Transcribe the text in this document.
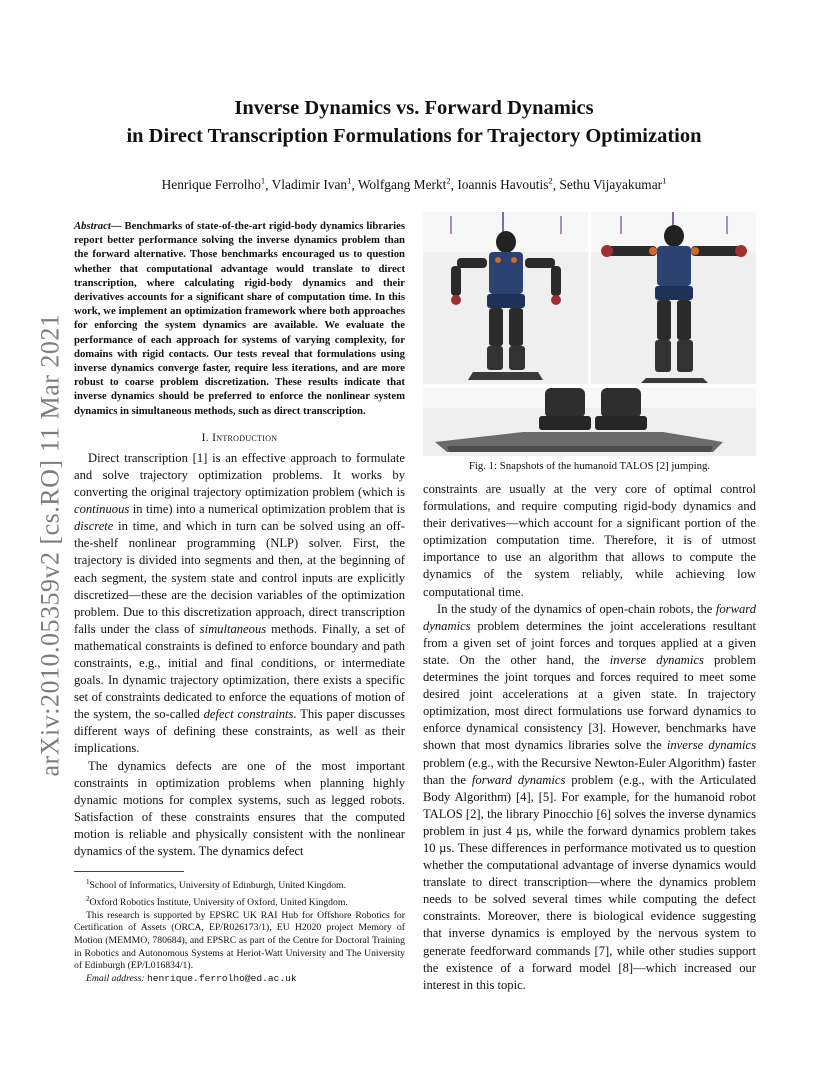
arXiv:2010.05359v2 [cs.RO] 11 Mar 2021
Inverse Dynamics vs. Forward Dynamics
in Direct Transcription Formulations for Trajectory Optimization
Henrique Ferrolho$^1$, Vladimir Ivan$^1$, Wolfgang Merkt$^2$, Ioannis Havoutis$^2$, Sethu Vijayakumar$^1$

Abstract— Benchmarks of state-of-the-art rigid-body dynamics libraries report better performance solving the inverse dynamics problem than the forward alternative. Those benchmarks encouraged us to question whether that computational advantage would translate to direct transcription, where calculating rigid-body dynamics and their derivatives accounts for a significant share of computation time. In this work, we implement an optimization framework where both approaches for enforcing the system dynamics are available. We evaluate the performance of each approach for systems of varying complexity, for domains with rigid contacts. Our tests reveal that formulations using inverse dynamics converge faster, require less iterations, and are more robust to coarse problem discretization. These results indicate that inverse dynamics should be preferred to enforce the nonlinear system dynamics in simultaneous methods, such as direct transcription.

I. Introduction

Direct transcription [1] is an effective approach to formulate and solve trajectory optimization problems. It works by converting the original trajectory optimization problem (which is continuous in time) into a numerical optimization problem that is discrete in time, and which in turn can be solved using an off-the-shelf nonlinear programming (NLP) solver. First, the trajectory is divided into segments and then, at the beginning of each segment, the system state and control inputs are explicitly discretized—these are the decision variables of the optimization problem. Due to this discretization approach, direct transcription falls under the class of simultaneous methods. Finally, a set of mathematical constraints is defined to enforce boundary and path constraints, e.g., initial and final conditions, or intermediate goals. In dynamic trajectory optimization, there exists a specific set of constraints dedicated to enforce the equations of motion of the system, the so-called defect constraints. This paper discusses different ways of defining these constraints, as well as their implications.

The dynamics defects are one of the most important constraints in optimization problems when planning highly dynamic motions for complex systems, such as legged robots. Satisfaction of these constraints ensures that the computed motion is reliable and physically consistent with the nonlinear dynamics of the system. The dynamics defect

$^1$School of Informatics, University of Edinburgh, United Kingdom.
$^2$Oxford Robotics Institute, University of Oxford, United Kingdom.
This research is supported by EPSRC UK RAI Hub for Offshore Robotics for Certification of Assets (ORCA, EP/R026173/1), EU H2020 project Memory of Motion (MEMMO, 780684), and EPSRC as part of the Centre for Doctoral Training in Robotics and Autonomous Systems at Heriot-Watt University and The University of Edinburgh (EP/L016834/1).
Email address: henrique.ferrolho@ed.ac.uk
Fig. 1: Snapshots of the humanoid TALOS [2] jumping.

constraints are usually at the very core of optimal control formulations, and require computing rigid-body dynamics and their derivatives—which account for a significant portion of the optimization computation time. Therefore, it is of utmost importance to use an algorithm that allows to compute the dynamics of the system reliably, while achieving low computational time.

In the study of the dynamics of open-chain robots, the forward dynamics problem determines the joint accelerations resultant from a given set of joint forces and torques applied at a given state. On the other hand, the inverse dynamics problem determines the joint torques and forces required to meet some desired joint accelerations at a given state. In trajectory optimization, most direct formulations use forward dynamics to enforce dynamical consistency [3]. However, benchmarks have shown that most dynamics libraries solve the inverse dynamics problem (e.g., with the Recursive Newton-Euler Algorithm) faster than the forward dynamics problem (e.g., with the Articulated Body Algorithm) [4], [5]. For example, for the humanoid robot TALOS [2], the library Pinocchio [6] solves the inverse dynamics problem in just 4 µs, while the forward dynamics problem takes 10 µs. These differences in performance motivated us to question whether the computational advantage of inverse dynamics would translate to direct transcription—where the dynamics problem needs to be solved several times while computing the defect constraints. Moreover, there is biological evidence suggesting that inverse dynamics is employed by the nervous system to generate feedforward commands [7], while other studies support the existence of a forward model [8]—which increased our interest in this topic.
